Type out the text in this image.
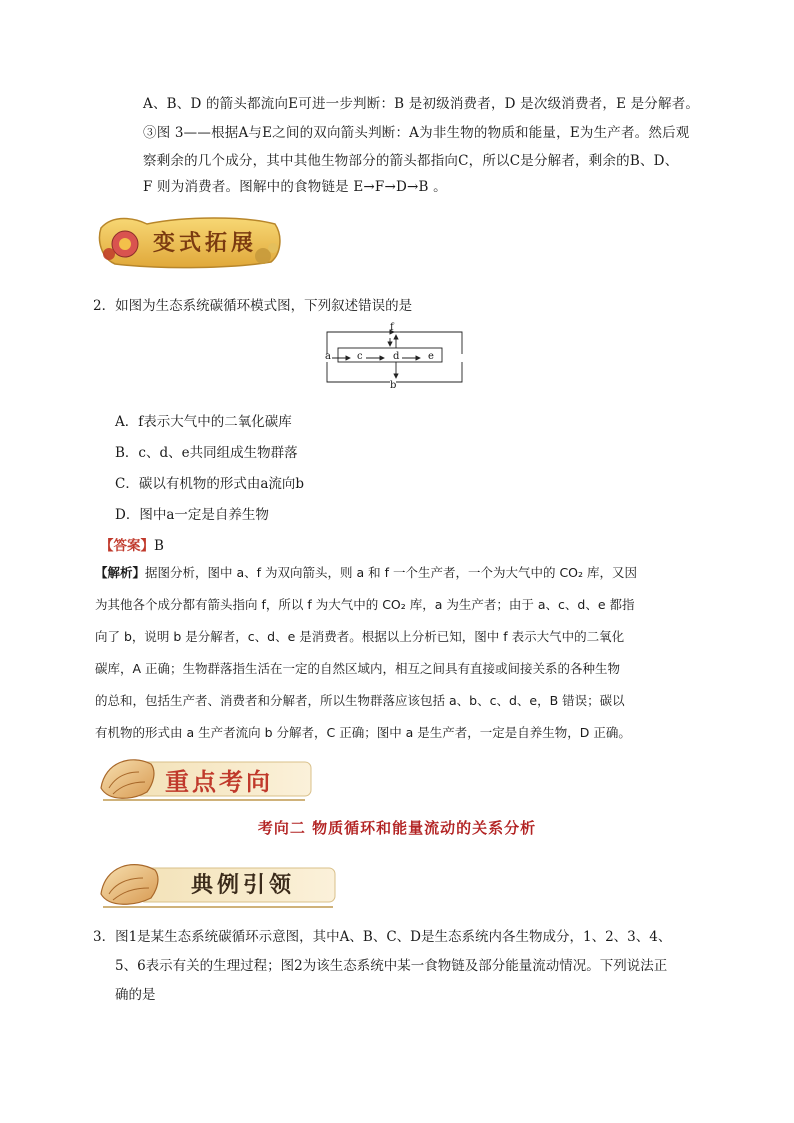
A、B、D 的箭头都流向E可进一步判断：B 是初级消费者，D 是次级消费者，E 是分解者。
③图 3——根据A与E之间的双向箭头判断：A为非生物的物质和能量，E为生产者。然后观
察剩余的几个成分，其中其他生物部分的箭头都指向C，所以C是分解者，剩余的B、D、
F 则为消费者。图解中的食物链是 E→F→D→B 。
变式拓展
2．如图为生态系统碳循环模式图，下列叙述错误的是
f
a	c	d	e
b
A．f表示大气中的二氧化碳库
B．c、d、e共同组成生物群落
C．碳以有机物的形式由a流向b
D．图中a一定是自养生物
【答案】B
【解析】据图分析，图中 a、f 为双向箭头，则 a 和 f 一个生产者，一个为大气中的 CO₂ 库，又因
为其他各个成分都有箭头指向 f，所以 f 为大气中的 CO₂ 库，a 为生产者；由于 a、c、d、e 都指
向了 b，说明 b 是分解者，c、d、e 是消费者。根据以上分析已知，图中 f 表示大气中的二氧化
碳库，A 正确；生物群落指生活在一定的自然区域内，相互之间具有直接或间接关系的各种生物
的总和，包括生产者、消费者和分解者，所以生物群落应该包括 a、b、c、d、e，B 错误；碳以
有机物的形式由 a 生产者流向 b 分解者，C 正确；图中 a 是生产者，一定是自养生物，D 正确。
重点考向
考向二 物质循环和能量流动的关系分析
典例引领
3．图1是某生态系统碳循环示意图，其中A、B、C、D是生态系统内各生物成分，1、2、3、4、
5、6表示有关的生理过程；图2为该生态系统中某一食物链及部分能量流动情况。下列说法正
确的是
